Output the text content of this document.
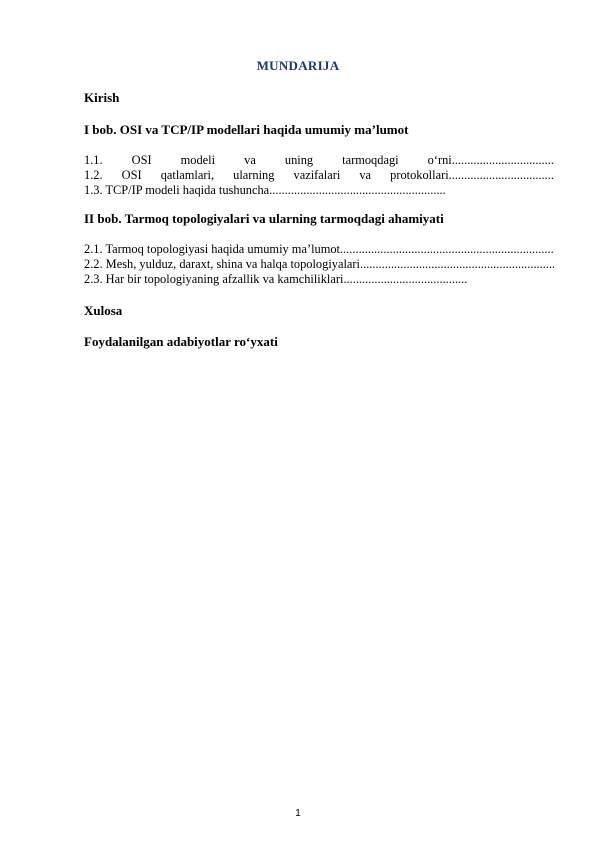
MUNDARIJA
Kirish
I bob. OSI va TCP/IP modellari haqida umumiy ma’lumot
1.1. OSI modeli va uning tarmoqdagi o‘rni.................................
1.2. OSI qatlamlari, ularning vazifalari va protokollari..................................
1.3. TCP/IP modeli haqida tushuncha.........................................................
II bob. Tarmoq topologiyalari va ularning tarmoqdagi ahamiyati
2.1. Tarmoq topologiyasi haqida umumiy ma’lumot .....
2.2. Mesh, yulduz, daraxt, shina va halqa topologiyalari .....
2.3. Har bir topologiyaning afzallik va kamchiliklari........................................
Xulosa
Foydalanilgan adabiyotlar ro‘yxati
1
